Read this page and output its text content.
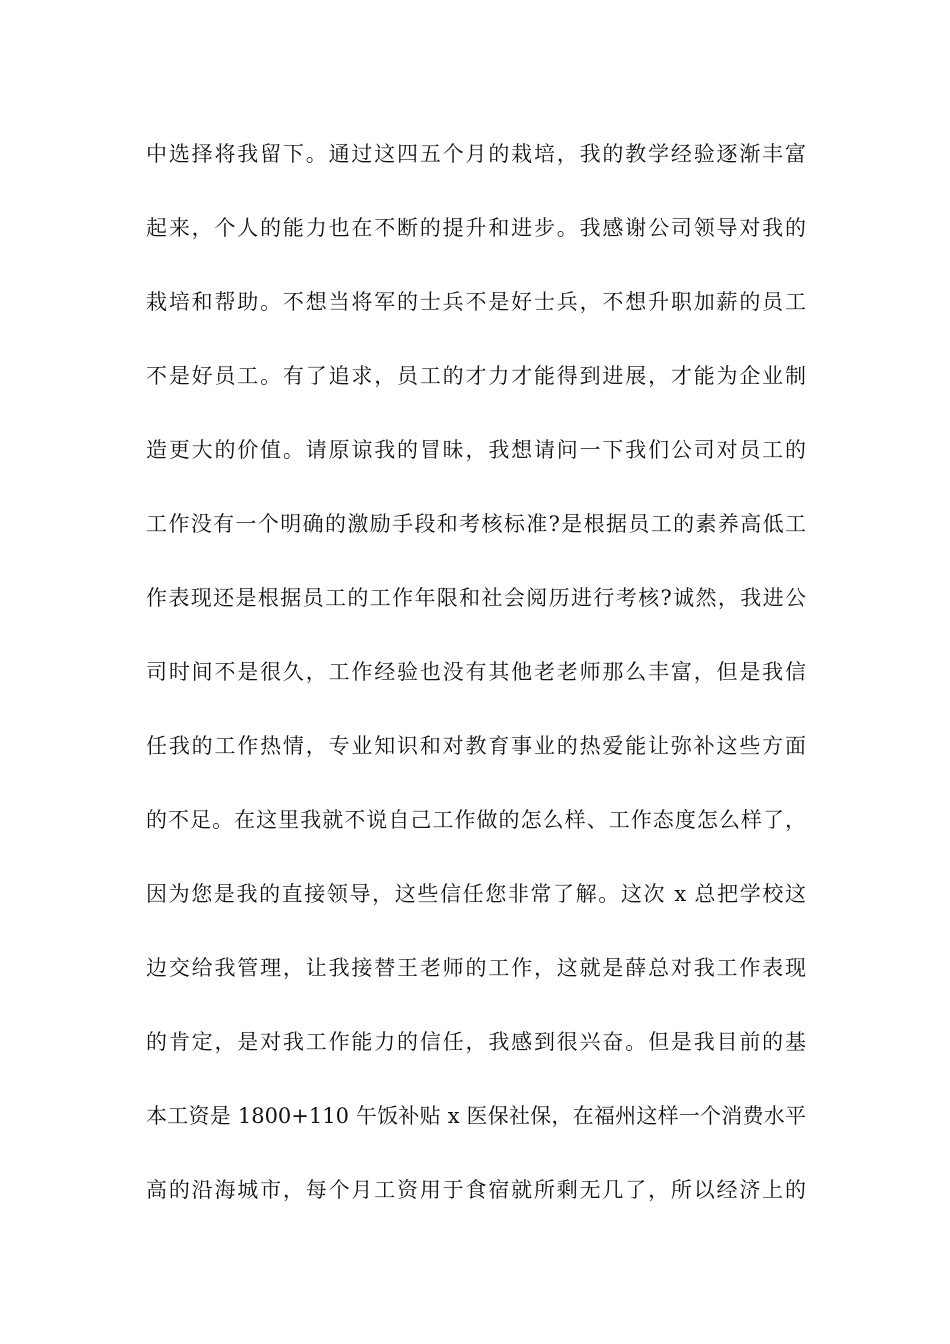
中选择将我留下。通过这四五个月的栽培，我的教学经验逐渐丰富
起来，个人的能力也在不断的提升和进步。我感谢公司领导对我的
栽培和帮助。不想当将军的士兵不是好士兵，不想升职加薪的员工
不是好员工。有了追求，员工的才力才能得到进展，才能为企业制
造更大的价值。请原谅我的冒昧，我想请问一下我们公司对员工的
工作没有一个明确的激励手段和考核标准?是根据员工的素养高低工
作表现还是根据员工的工作年限和社会阅历进行考核?诚然，我进公
司时间不是很久，工作经验也没有其他老老师那么丰富，但是我信
任我的工作热情，专业知识和对教育事业的热爱能让弥补这些方面
的不足。在这里我就不说自己工作做的怎么样、工作态度怎么样了，
因为您是我的直接领导，这些信任您非常了解。这次 x 总把学校这
边交给我管理，让我接替王老师的工作，这就是薛总对我工作表现
的肯定，是对我工作能力的信任，我感到很兴奋。但是我目前的基
本工资是 1800+110 午饭补贴 x 医保社保，在福州这样一个消费水平
高的沿海城市，每个月工资用于食宿就所剩无几了，所以经济上的
